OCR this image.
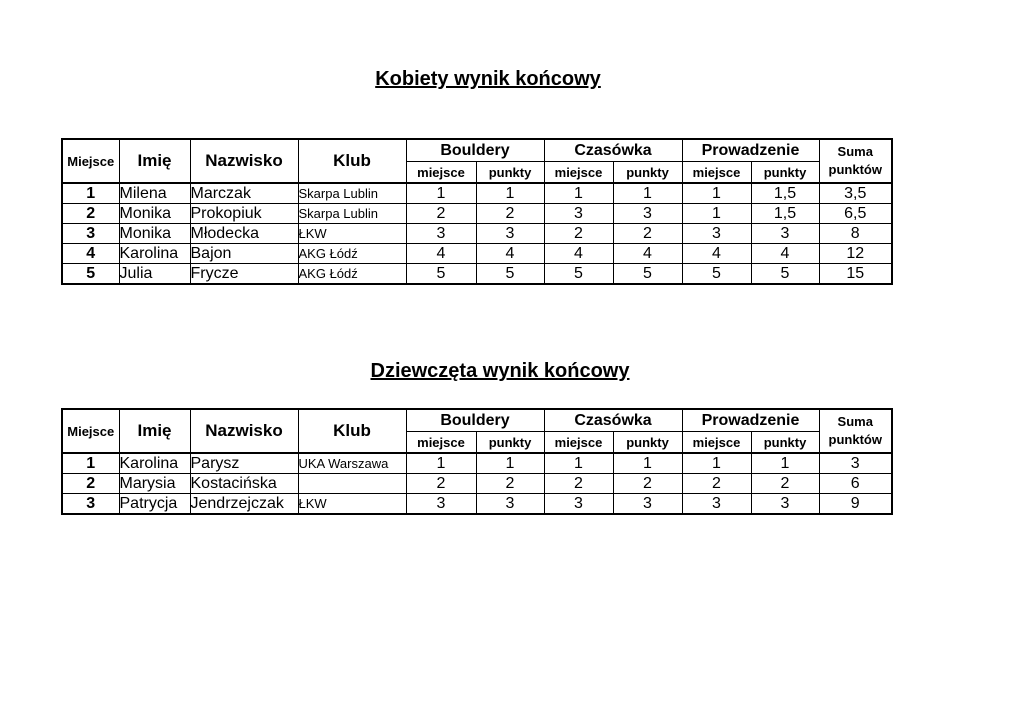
Kobiety wynik końcowy
Miejsce	Imię	Nazwisko	Klub	Bouldery		Czasówka		Prowadzenie		Suma
punktów
				miejsce	punkty	miejsce	punkty	miejsce	punkty	
1	Milena	Marczak	Skarpa Lublin	1	1	1	1	1	1,5	3,5
2	Monika	Prokopiuk	Skarpa Lublin	2	2	3	3	1	1,5	6,5
3	Monika	Młodecka	ŁKW	3	3	2	2	3	3	8
4	Karolina	Bajon	AKG Łódź	4	4	4	4	4	4	12
5	Julia	Frycze	AKG Łódź	5	5	5	5	5	5	15
Dziewczęta wynik końcowy
Miejsce	Imię	Nazwisko	Klub	Bouldery		Czasówka		Prowadzenie		Suma
punktów
				miejsce	punkty	miejsce	punkty	miejsce	punkty	
1	Karolina	Parysz	UKA Warszawa	1	1	1	1	1	1	3
2	Marysia	Kostacińska		2	2	2	2	2	2	6
3	Patrycja	Jendrzejczak	ŁKW	3	3	3	3	3	3	9
